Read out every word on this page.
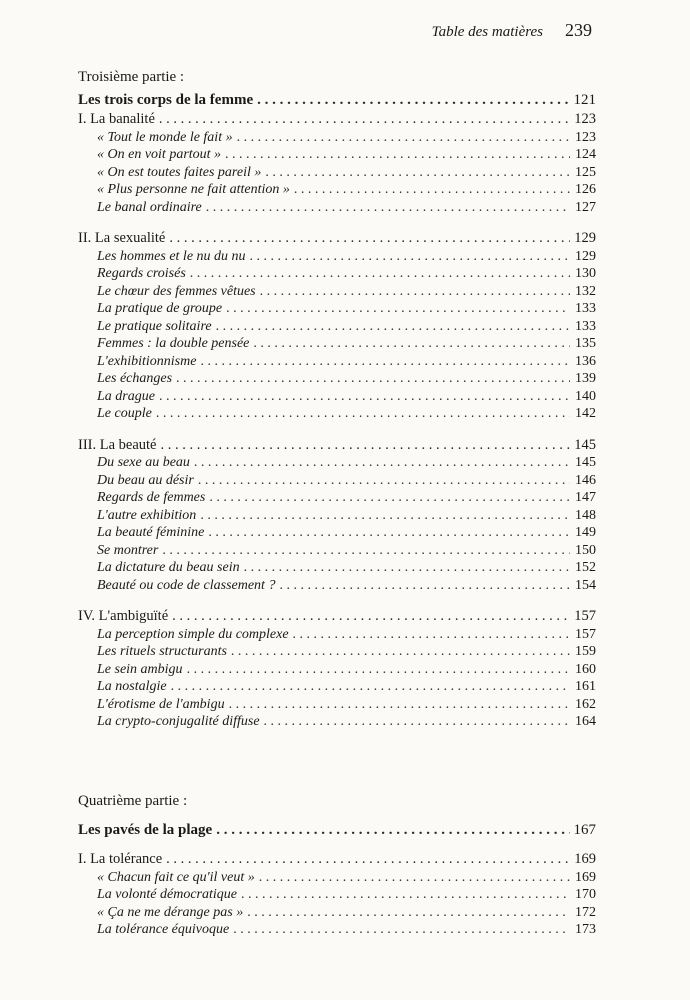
Table des matières 239
Troisième partie :
Les trois corps de la femme . . .	121
I. La banalité . . .	123
« Tout le monde le fait » . . .	123
« On en voit partout » . . .	124
« On est toutes faites pareil » . . .	125
« Plus personne ne fait attention » . . .	126
Le banal ordinaire . . .	127
II. La sexualité . . .	129
Les hommes et le nu du nu . . .	129
Regards croisés . . .	130
Le chœur des femmes vêtues . . .	132
La pratique de groupe . . .	133
Le pratique solitaire . . .	133
Femmes : la double pensée . . .	135
L'exhibitionnisme . . .	136
Les échanges . . .	139
La drague . . .	140
Le couple . . .	142
III. La beauté . . .	145
Du sexe au beau . . .	145
Du beau au désir . . .	146
Regards de femmes . . .	147
L'autre exhibition . . .	148
La beauté féminine . . .	149
Se montrer . . .	150
La dictature du beau sein . . .	152
Beauté ou code de classement ? . . .	154
IV. L'ambiguïté . . .	157
La perception simple du complexe . . .	157
Les rituels structurants . . .	159
Le sein ambigu . . .	160
La nostalgie . . .	161
L'érotisme de l'ambigu . . .	162
La crypto-conjugalité diffuse . . .	164
Quatrième partie :
Les pavés de la plage . . .	167
I. La tolérance . . .	169
« Chacun fait ce qu'il veut » . . .	169
La volonté démocratique . . .	170
« Ça ne me dérange pas » . . .	172
La tolérance équivoque . . .	173
